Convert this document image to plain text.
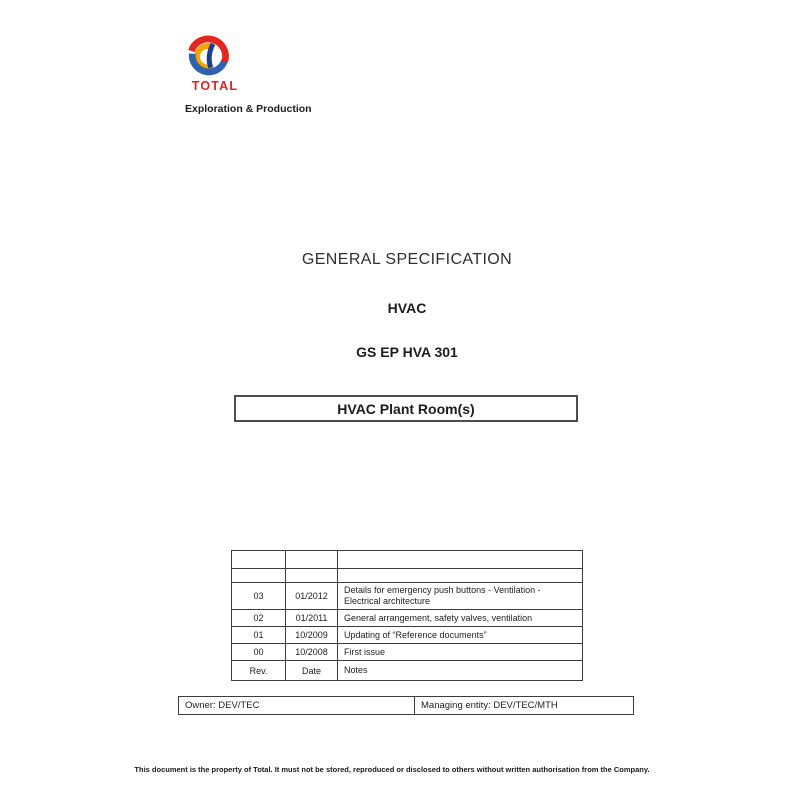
TOTAL
Exploration & Production
GENERAL SPECIFICATION
HVAC
GS EP HVA 301
HVAC Plant Room(s)

03	01/2012	Details for emergency push buttons - Ventilation - Electrical architecture
02	01/2011	General arrangement, safety valves, ventilation
01	10/2009	Updating of “Reference documents”
00	10/2008	First issue
Rev.	Date	Notes
Owner: DEV/TEC	Managing entity: DEV/TEC/MTH
This document is the property of Total. It must not be stored, reproduced or disclosed to others without written authorisation from the Company.
